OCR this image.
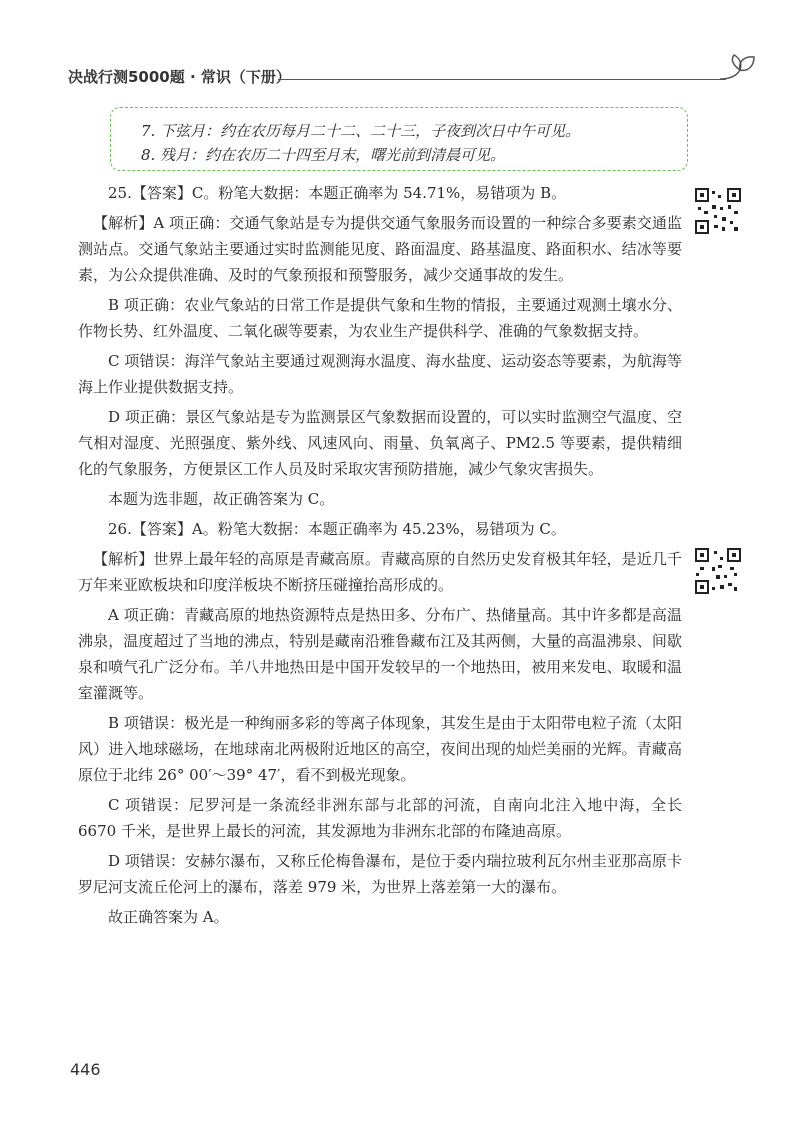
决战行测5000题 · 常识（下册）
7. 下弦月：约在农历每月二十二、二十三，子夜到次日中午可见。
8. 残月：约在农历二十四至月末，曙光前到清晨可见。

25.【答案】C。粉笔大数据：本题正确率为 54.71%，易错项为 B。

【解析】A 项正确：交通气象站是专为提供交通气象服务而设置的一种综合多要素交通监测站点。交通气象站主要通过实时监测能见度、路面温度、路基温度、路面积水、结冰等要素，为公众提供准确、及时的气象预报和预警服务，减少交通事故的发生。

B 项正确：农业气象站的日常工作是提供气象和生物的情报，主要通过观测土壤水分、作物长势、红外温度、二氧化碳等要素，为农业生产提供科学、准确的气象数据支持。

C 项错误：海洋气象站主要通过观测海水温度、海水盐度、运动姿态等要素，为航海等海上作业提供数据支持。

D 项正确：景区气象站是专为监测景区气象数据而设置的，可以实时监测空气温度、空气相对湿度、光照强度、紫外线、风速风向、雨量、负氧离子、PM2.5 等要素，提供精细化的气象服务，方便景区工作人员及时采取灾害预防措施，减少气象灾害损失。

本题为选非题，故正确答案为 C。

26.【答案】A。粉笔大数据：本题正确率为 45.23%，易错项为 C。

【解析】世界上最年轻的高原是青藏高原。青藏高原的自然历史发育极其年轻，是近几千万年来亚欧板块和印度洋板块不断挤压碰撞抬高形成的。

A 项正确：青藏高原的地热资源特点是热田多、分布广、热储量高。其中许多都是高温沸泉，温度超过了当地的沸点，特别是藏南沿雅鲁藏布江及其两侧，大量的高温沸泉、间歇泉和喷气孔广泛分布。羊八井地热田是中国开发较早的一个地热田，被用来发电、取暖和温室灌溉等。

B 项错误：极光是一种绚丽多彩的等离子体现象，其发生是由于太阳带电粒子流（太阳风）进入地球磁场，在地球南北两极附近地区的高空，夜间出现的灿烂美丽的光辉。青藏高原位于北纬 26° 00′～39° 47′，看不到极光现象。

C 项错误：尼罗河是一条流经非洲东部与北部的河流，自南向北注入地中海，全长 6670 千米，是世界上最长的河流，其发源地为非洲东北部的布隆迪高原。

D 项错误：安赫尔瀑布，又称丘伦梅鲁瀑布，是位于委内瑞拉玻利瓦尔州圭亚那高原卡罗尼河支流丘伦河上的瀑布，落差 979 米，为世界上落差第一大的瀑布。

故正确答案为 A。

446
